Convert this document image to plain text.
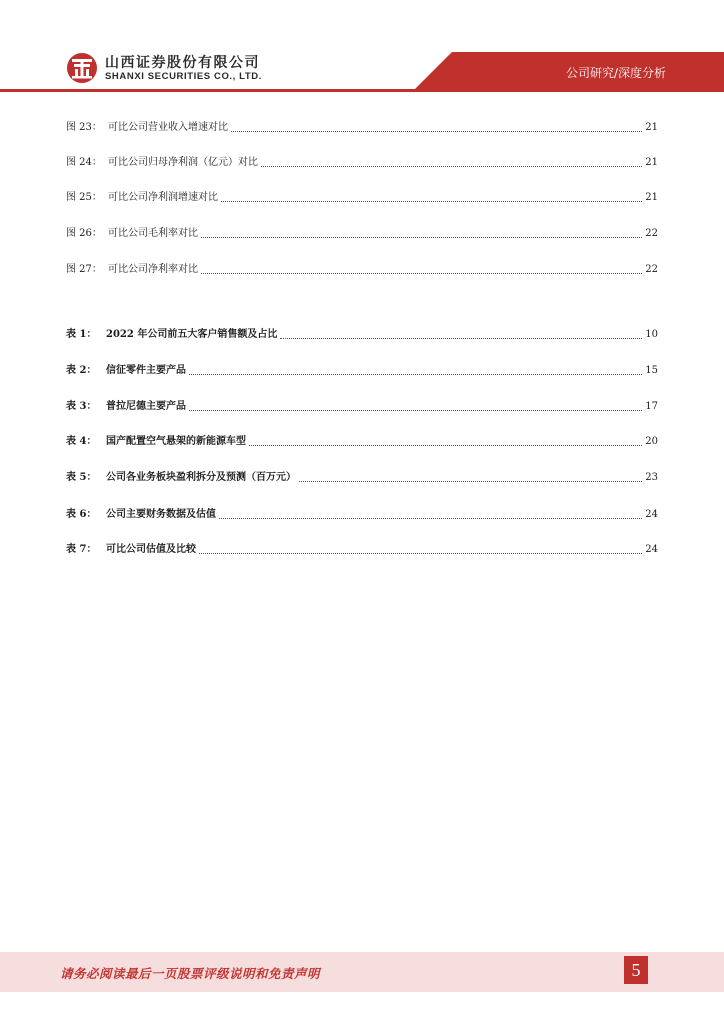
山西证券股份有限公司
SHANXI SECURITIES CO., LTD.	公司研究/深度分析
图 23： 可比公司营业收入增速对比	21
图 24： 可比公司归母净利润（亿元）对比	21
图 25： 可比公司净利润增速对比	21
图 26： 可比公司毛利率对比	22
图 27： 可比公司净利率对比	22
表 1： 2022 年公司前五大客户销售额及占比	10
表 2： 信征零件主要产品	15
表 3： 普拉尼德主要产品	17
表 4： 国产配置空气悬架的新能源车型	20
表 5： 公司各业务板块盈利拆分及预测（百万元）	23
表 6： 公司主要财务数据及估值	24
表 7： 可比公司估值及比较	24
请务必阅读最后一页股票评级说明和免责声明	5
